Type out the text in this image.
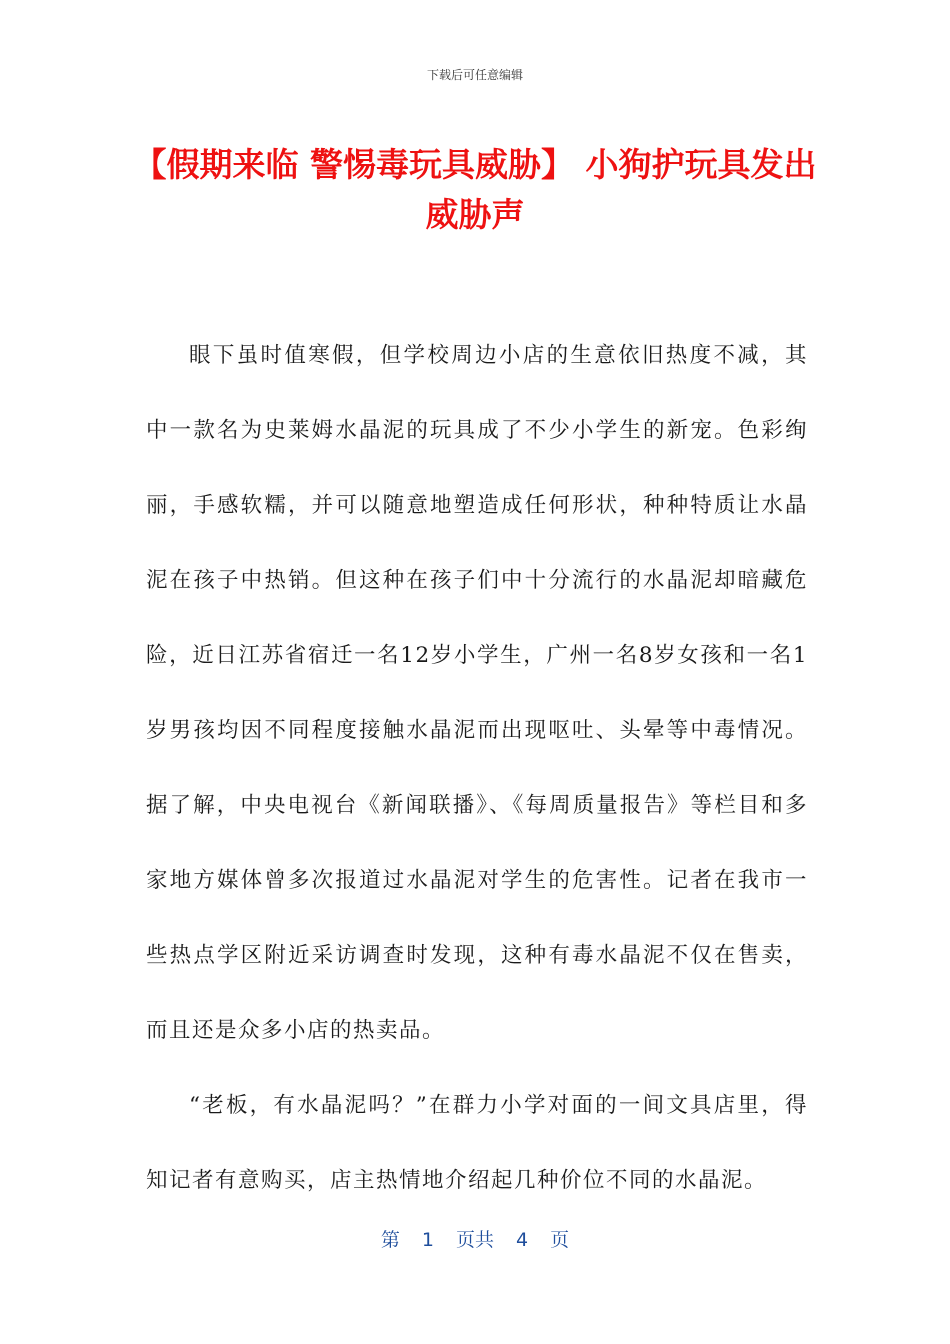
下载后可任意编辑
【假期来临 警惕毒玩具威胁】 小狗护玩具发出威胁声

眼下虽时值寒假，但学校周边小店的生意依旧热度不减，其中一款名为史莱姆水晶泥的玩具成了不少小学生的新宠。色彩绚丽，手感软糯，并可以随意地塑造成任何形状，种种特质让水晶泥在孩子中热销。但这种在孩子们中十分流行的水晶泥却暗藏危险，近日江苏省宿迁一名12岁小学生，广州一名8岁女孩和一名1岁男孩均因不同程度接触水晶泥而出现呕吐、头晕等中毒情况。据了解，中央电视台《新闻联播》、《每周质量报告》等栏目和多家地方媒体曾多次报道过水晶泥对学生的危害性。记者在我市一些热点学区附近采访调查时发现，这种有毒水晶泥不仅在售卖，而且还是众多小店的热卖品。

“老板，有水晶泥吗？”在群力小学对面的一间文具店里，得知记者有意购买，店主热情地介绍起几种价位不同的水晶泥。

第 1 页共 4 页
